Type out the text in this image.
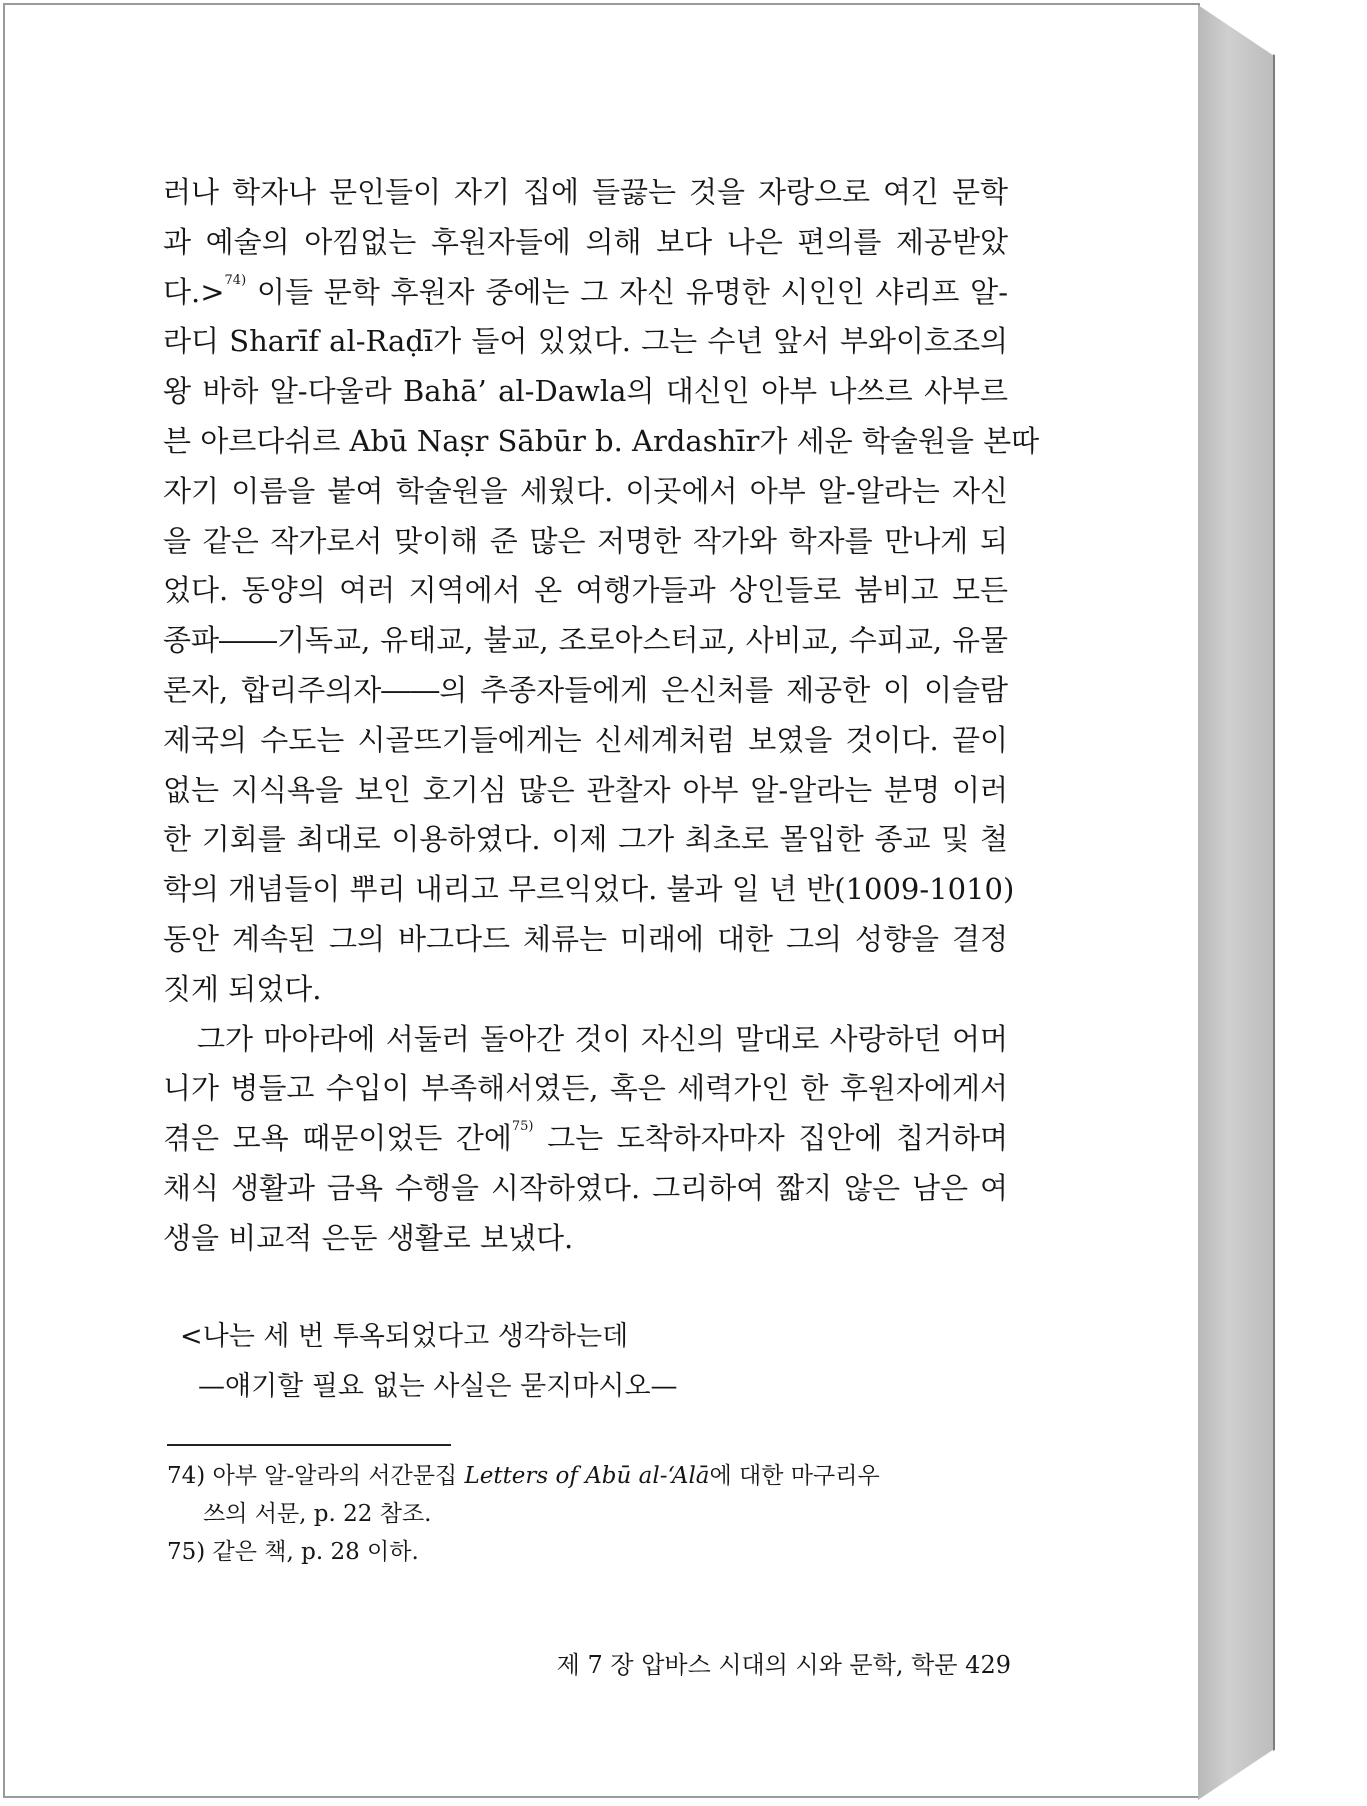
러나 학자나 문인들이 자기 집에 들끓는 것을 자랑으로 여긴 문학
과 예술의 아낌없는 후원자들에 의해 보다 나은 편의를 제공받았
다.>$^{74)}$ 이들 문학 후원자 중에는 그 자신 유명한 시인인 샤리프 알-
라디 Sharīf al-Raḍī가 들어 있었다. 그는 수년 앞서 부와이흐조의
왕 바하 알-다울라 Bahā’ al-Dawla의 대신인 아부 나쓰르 사부르
븐 아르다쉬르 Abū Naṣr Sābūr b. Ardashīr가 세운 학술원을 본따
자기 이름을 붙여 학술원을 세웠다. 이곳에서 아부 알-알라는 자신
을 같은 작가로서 맞이해 준 많은 저명한 작가와 학자를 만나게 되
었다. 동양의 여러 지역에서 온 여행가들과 상인들로 붐비고 모든
종파――기독교, 유태교, 불교, 조로아스터교, 사비교, 수피교, 유물
론자, 합리주의자――의 추종자들에게 은신처를 제공한 이 이슬람
제국의 수도는 시골뜨기들에게는 신세계처럼 보였을 것이다. 끝이
없는 지식욕을 보인 호기심 많은 관찰자 아부 알-알라는 분명 이러
한 기회를 최대로 이용하였다. 이제 그가 최초로 몰입한 종교 및 철
학의 개념들이 뿌리 내리고 무르익었다. 불과 일 년 반(1009-1010)
동안 계속된 그의 바그다드 체류는 미래에 대한 그의 성향을 결정
짓게 되었다.
그가 마아라에 서둘러 돌아간 것이 자신의 말대로 사랑하던 어머
니가 병들고 수입이 부족해서였든, 혹은 세력가인 한 후원자에게서
겪은 모욕 때문이었든 간에$^{75)}$ 그는 도착하자마자 집안에 칩거하며
채식 생활과 금욕 수행을 시작하였다. 그리하여 짧지 않은 남은 여
생을 비교적 은둔 생활로 보냈다.
<나는 세 번 투옥되었다고 생각하는데
—얘기할 필요 없는 사실은 묻지마시오—
74) 아부 알-알라의 서간문집 Letters of Abū al-‘Alā에 대한 마구리우
쓰의 서문, p. 22 참조.
75) 같은 책, p. 28 이하.
제 7 장 압바스 시대의 시와 문학, 학문 429
